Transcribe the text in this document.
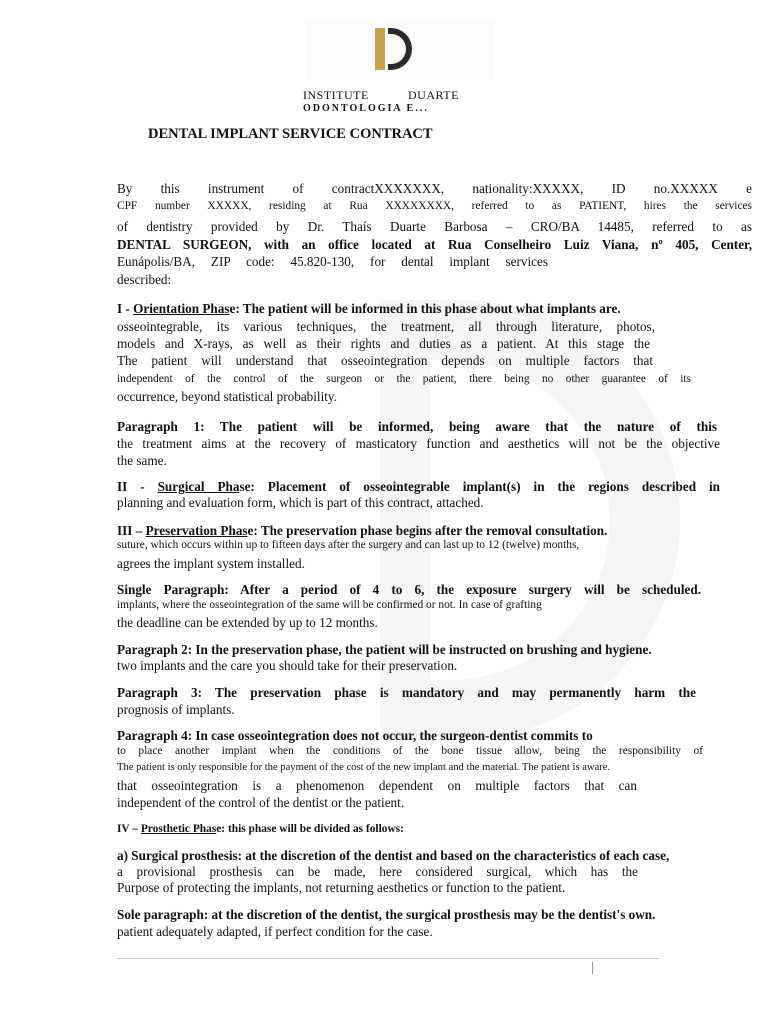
INSTITUTE	DUARTE
ODONTOLOGIA E...
DENTAL IMPLANT SERVICE CONTRACT

By this instrument of contractXXXXXXX, nationality:XXXXX, ID no.XXXXX e

CPF number XXXXX, residing at Rua XXXXXXXX, referred to as PATIENT, hires the services

of dentistry provided by Dr. Thaís Duarte Barbosa – CRO/BA 14485, referred to as

DENTAL SURGEON, with an office located at Rua Conselheiro Luiz Viana, nº 405, Center,

Eunápolis/BA, ZIP code: 45.820-130, for dental implant services

described:

I - Orientation Phase: The patient will be informed in this phase about what implants are.

osseointegrable, its various techniques, the treatment, all through literature, photos,

models and X-rays, as well as their rights and duties as a patient. At this stage the

The patient will understand that osseointegration depends on multiple factors that

independent of the control of the surgeon or the patient, there being no other guarantee of its

occurrence, beyond statistical probability.

Paragraph 1: The patient will be informed, being aware that the nature of this

the treatment aims at the recovery of masticatory function and aesthetics will not be the objective

the same.

II - Surgical Phase: Placement of osseointegrable implant(s) in the regions described in

planning and evaluation form, which is part of this contract, attached.

III – Preservation Phase: The preservation phase begins after the removal consultation.

suture, which occurs within up to fifteen days after the surgery and can last up to 12 (twelve) months,

agrees the implant system installed.

Single Paragraph: After a period of 4 to 6, the exposure surgery will be scheduled.

implants, where the osseointegration of the same will be confirmed or not. In case of grafting

the deadline can be extended by up to 12 months.

Paragraph 2: In the preservation phase, the patient will be instructed on brushing and hygiene.

two implants and the care you should take for their preservation.

Paragraph 3: The preservation phase is mandatory and may permanently harm the

prognosis of implants.

Paragraph 4: In case osseointegration does not occur, the surgeon-dentist commits to

to place another implant when the conditions of the bone tissue allow, being the responsibility of

The patient is only responsible for the payment of the cost of the new implant and the material. The patient is aware.

that osseointegration is a phenomenon dependent on multiple factors that can

independent of the control of the dentist or the patient.

IV – Prosthetic Phase: this phase will be divided as follows:

a) Surgical prosthesis: at the discretion of the dentist and based on the characteristics of each case,

a provisional prosthesis can be made, here considered surgical, which has the

Purpose of protecting the implants, not returning aesthetics or function to the patient.

Sole paragraph: at the discretion of the dentist, the surgical prosthesis may be the dentist's own.

patient adequately adapted, if perfect condition for the case.
